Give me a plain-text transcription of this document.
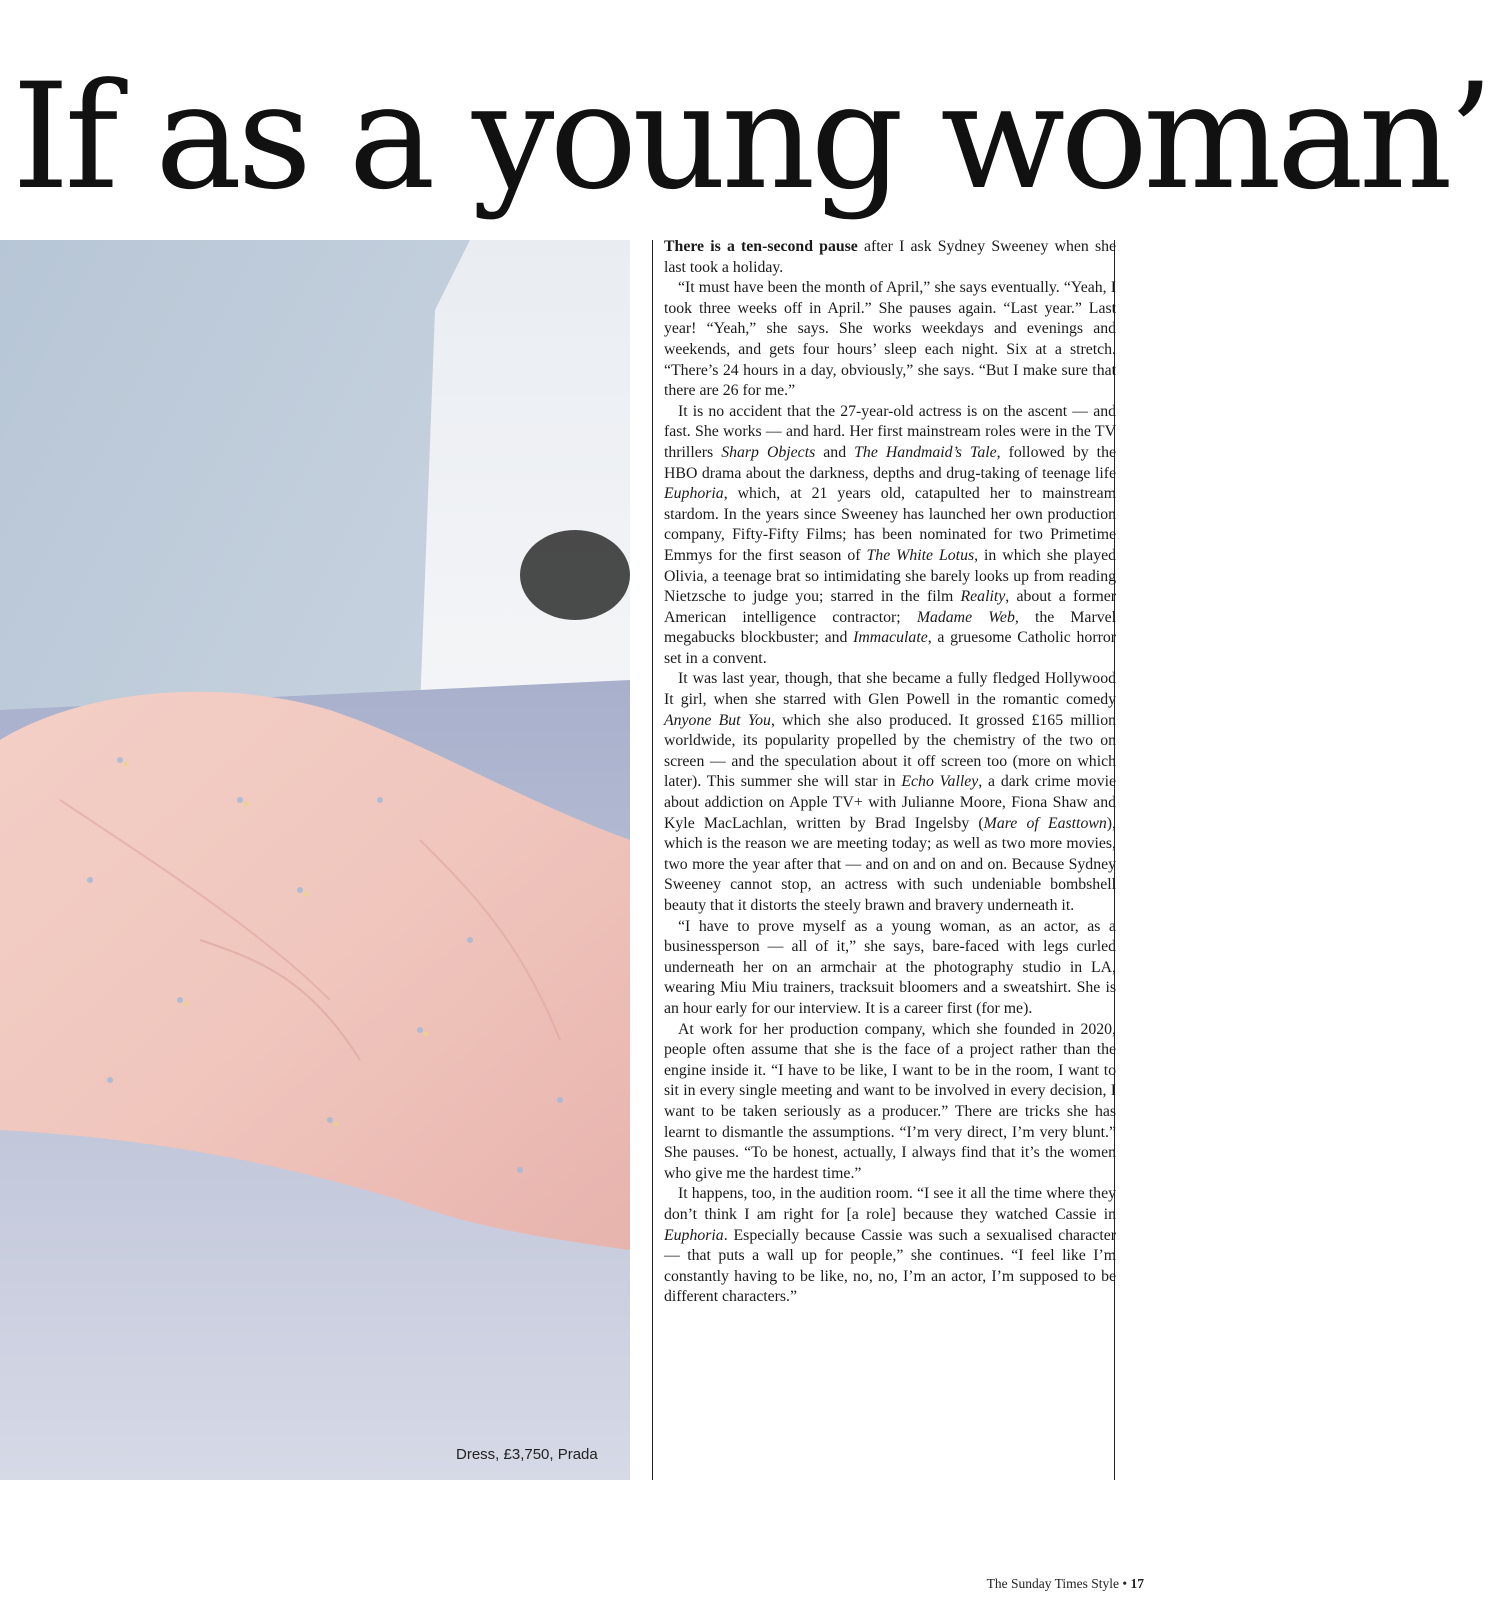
If as a young woman’
Dress, £3,750, Prada

There is a ten-second pause after I ask Sydney Sweeney when she last took a holiday.

“It must have been the month of April,” she says eventually. “Yeah, I took three weeks off in April.” She pauses again. “Last year.” Last year! “Yeah,” she says. She works weekdays and evenings and weekends, and gets four hours’ sleep each night. Six at a stretch. “There’s 24 hours in a day, obviously,” she says. “But I make sure that there are 26 for me.”

It is no accident that the 27-year-old actress is on the ascent — and fast. She works — and hard. Her first mainstream roles were in the TV thrillers Sharp Objects and The Handmaid’s Tale, followed by the HBO drama about the darkness, depths and drug-taking of teenage life Euphoria, which, at 21 years old, catapulted her to mainstream stardom. In the years since Sweeney has launched her own production company, Fifty-Fifty Films; has been nominated for two Primetime Emmys for the first season of The White Lotus, in which she played Olivia, a teenage brat so intimidating she barely looks up from reading Nietzsche to judge you; starred in the film Reality, about a former American intelligence contractor; Madame Web, the Marvel megabucks blockbuster; and Immaculate, a gruesome Catholic horror set in a convent.

It was last year, though, that she became a fully fledged Hollywood It girl, when she starred with Glen Powell in the romantic comedy Anyone But You, which she also produced. It grossed £165 million worldwide, its popularity propelled by the chemistry of the two on screen — and the speculation about it off screen too (more on which later). This summer she will star in Echo Valley, a dark crime movie about addiction on Apple TV+ with Julianne Moore, Fiona Shaw and Kyle MacLachlan, written by Brad Ingelsby (Mare of Easttown), which is the reason we are meeting today; as well as two more movies, two more the year after that — and on and on and on. Because Sydney Sweeney cannot stop, an actress with such undeniable bombshell beauty that it distorts the steely brawn and bravery underneath it.

“I have to prove myself as a young woman, as an actor, as a businessperson — all of it,” she says, bare-faced with legs curled underneath her on an armchair at the photography studio in LA, wearing Miu Miu trainers, tracksuit bloomers and a sweatshirt. She is an hour early for our interview. It is a career first (for me).

At work for her production company, which she founded in 2020, people often assume that she is the face of a project rather than the engine inside it. “I have to be like, I want to be in the room, I want to sit in every single meeting and want to be involved in every decision, I want to be taken seriously as a producer.” There are tricks she has learnt to dismantle the assumptions. “I’m very direct, I’m very blunt.” She pauses. “To be honest, actually, I always find that it’s the women who give me the hardest time.”

It happens, too, in the audition room. “I see it all the time where they don’t think I am right for [a role] because they watched Cassie in Euphoria. Especially because Cassie was such a sexualised character — that puts a wall up for people,” she continues. “I feel like I’m constantly having to be like, no, no, I’m an actor, I’m supposed to be different characters.”

The Sunday Times Style • 17
